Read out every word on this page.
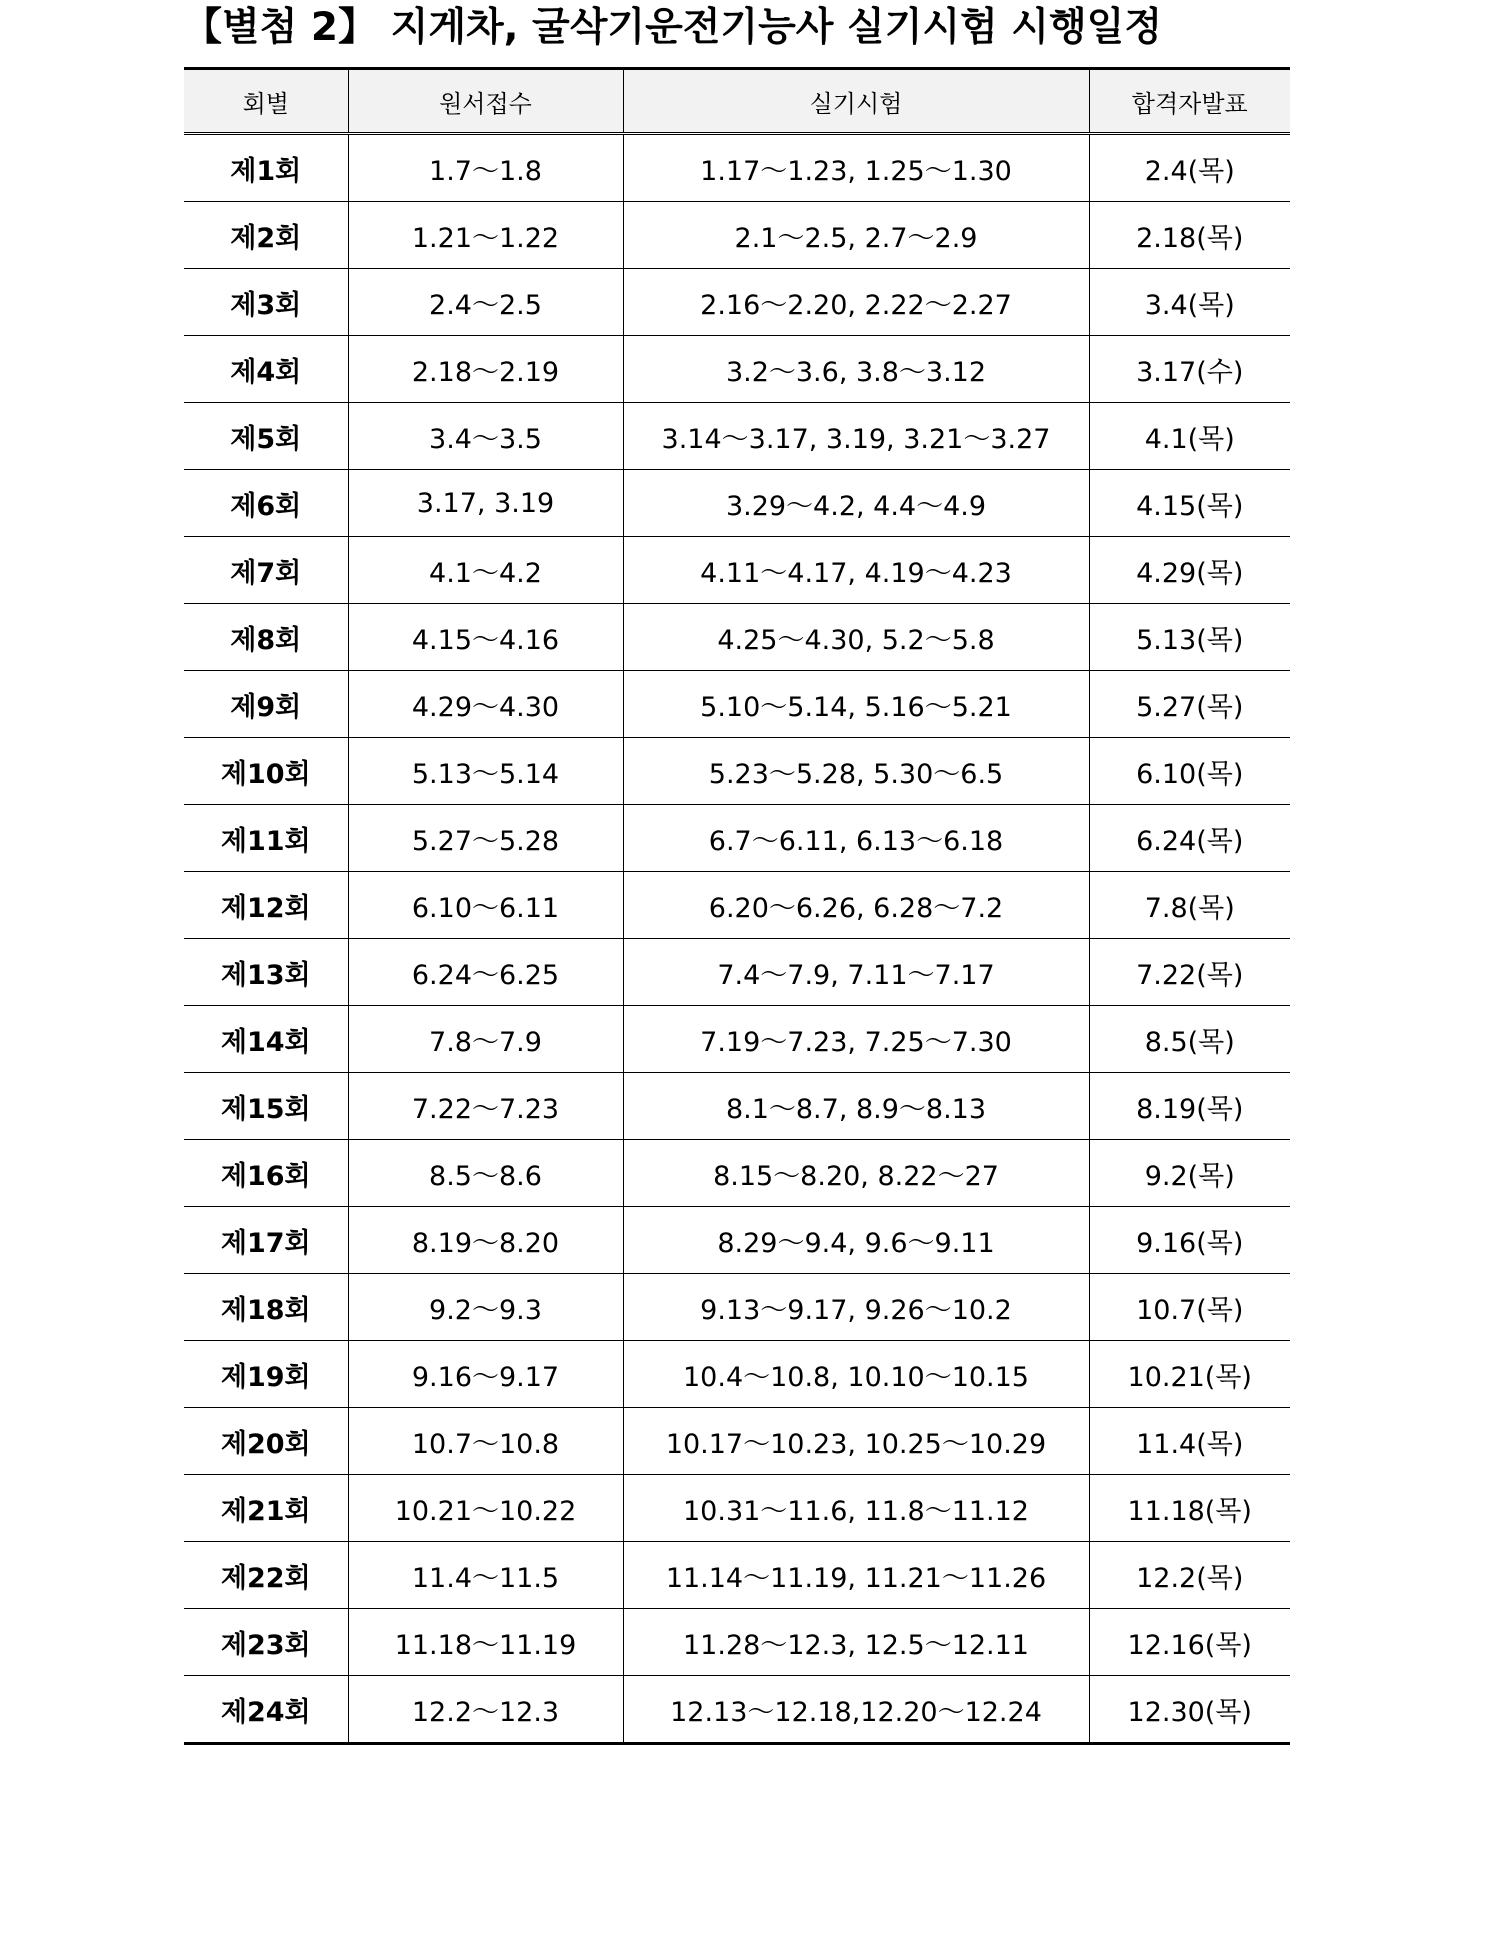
【별첨 2】 지게차, 굴삭기운전기능사 실기시험 시행일정
회별	원서접수	실기시험	합격자발표
제1회	1.7～1.8	1.17～1.23, 1.25～1.30	2.4(목)
제2회	1.21～1.22	2.1～2.5, 2.7～2.9	2.18(목)
제3회	2.4～2.5	2.16～2.20, 2.22～2.27	3.4(목)
제4회	2.18～2.19	3.2～3.6, 3.8～3.12	3.17(수)
제5회	3.4～3.5	3.14～3.17, 3.19, 3.21～3.27	4.1(목)
제6회	3.17, 3.19	3.29～4.2, 4.4～4.9	4.15(목)
제7회	4.1～4.2	4.11～4.17, 4.19～4.23	4.29(목)
제8회	4.15～4.16	4.25～4.30, 5.2～5.8	5.13(목)
제9회	4.29～4.30	5.10～5.14, 5.16～5.21	5.27(목)
제10회	5.13～5.14	5.23～5.28, 5.30～6.5	6.10(목)
제11회	5.27～5.28	6.7～6.11, 6.13～6.18	6.24(목)
제12회	6.10～6.11	6.20～6.26, 6.28～7.2	7.8(목)
제13회	6.24～6.25	7.4～7.9, 7.11～7.17	7.22(목)
제14회	7.8～7.9	7.19～7.23, 7.25～7.30	8.5(목)
제15회	7.22～7.23	8.1～8.7, 8.9～8.13	8.19(목)
제16회	8.5～8.6	8.15～8.20, 8.22～27	9.2(목)
제17회	8.19～8.20	8.29～9.4, 9.6～9.11	9.16(목)
제18회	9.2～9.3	9.13～9.17, 9.26～10.2	10.7(목)
제19회	9.16～9.17	10.4～10.8, 10.10～10.15	10.21(목)
제20회	10.7～10.8	10.17～10.23, 10.25～10.29	11.4(목)
제21회	10.21～10.22	10.31～11.6, 11.8～11.12	11.18(목)
제22회	11.4～11.5	11.14～11.19, 11.21～11.26	12.2(목)
제23회	11.18～11.19	11.28～12.3, 12.5～12.11	12.16(목)
제24회	12.2～12.3	12.13～12.18,12.20～12.24	12.30(목)
